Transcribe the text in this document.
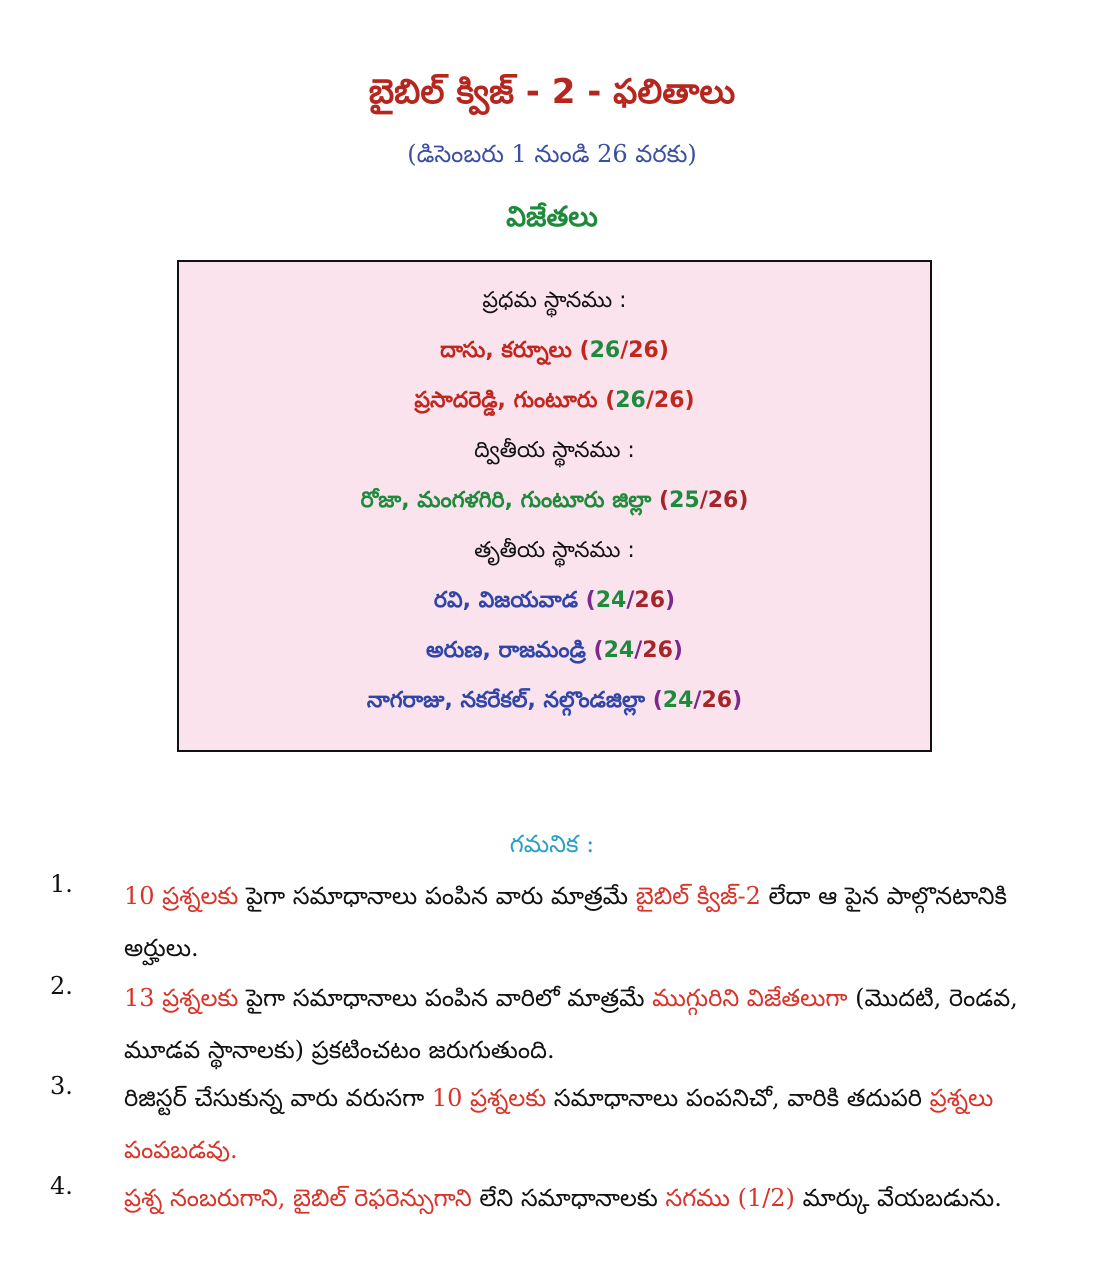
బైబిల్ క్విజ్ - 2 - ఫలితాలు
(డిసెంబరు 1 నుండి 26 వరకు)
విజేతలు
ప్రధమ స్థానము :
దాసు, కర్నూలు (26/26)
ప్రసాదరెడ్డి, గుంటూరు (26/26)
ద్వితీయ స్థానము :
రోజా, మంగళగిరి, గుంటూరు జిల్లా (25/26)
తృతీయ స్థానము :
రవి, విజయవాడ (24/26)
అరుణ, రాజమండ్రి (24/26)
నాగరాజు, నకరేకల్, నల్గొండజిల్లా (24/26)
గమనిక :
1. 10 ప్రశ్నలకు పైగా సమాధానాలు పంపిన వారు మాత్రమే బైబిల్ క్విజ్-2 లేదా ఆ పైన పాల్గొనటానికి అర్హులు.
2. 13 ప్రశ్నలకు పైగా సమాధానాలు పంపిన వారిలో మాత్రమే ముగ్గురిని విజేతలుగా (మొదటి, రెండవ, మూడవ స్థానాలకు) ప్రకటించటం జరుగుతుంది.
3. రిజిస్టర్ చేసుకున్న వారు వరుసగా 10 ప్రశ్నలకు సమాధానాలు పంపనిచో, వారికి తదుపరి ప్రశ్నలు పంపబడవు.
4. ప్రశ్న నంబరుగాని, బైబిల్ రెఫరెన్సుగాని లేని సమాధానాలకు సగము (1/2) మార్కు వేయబడును.
